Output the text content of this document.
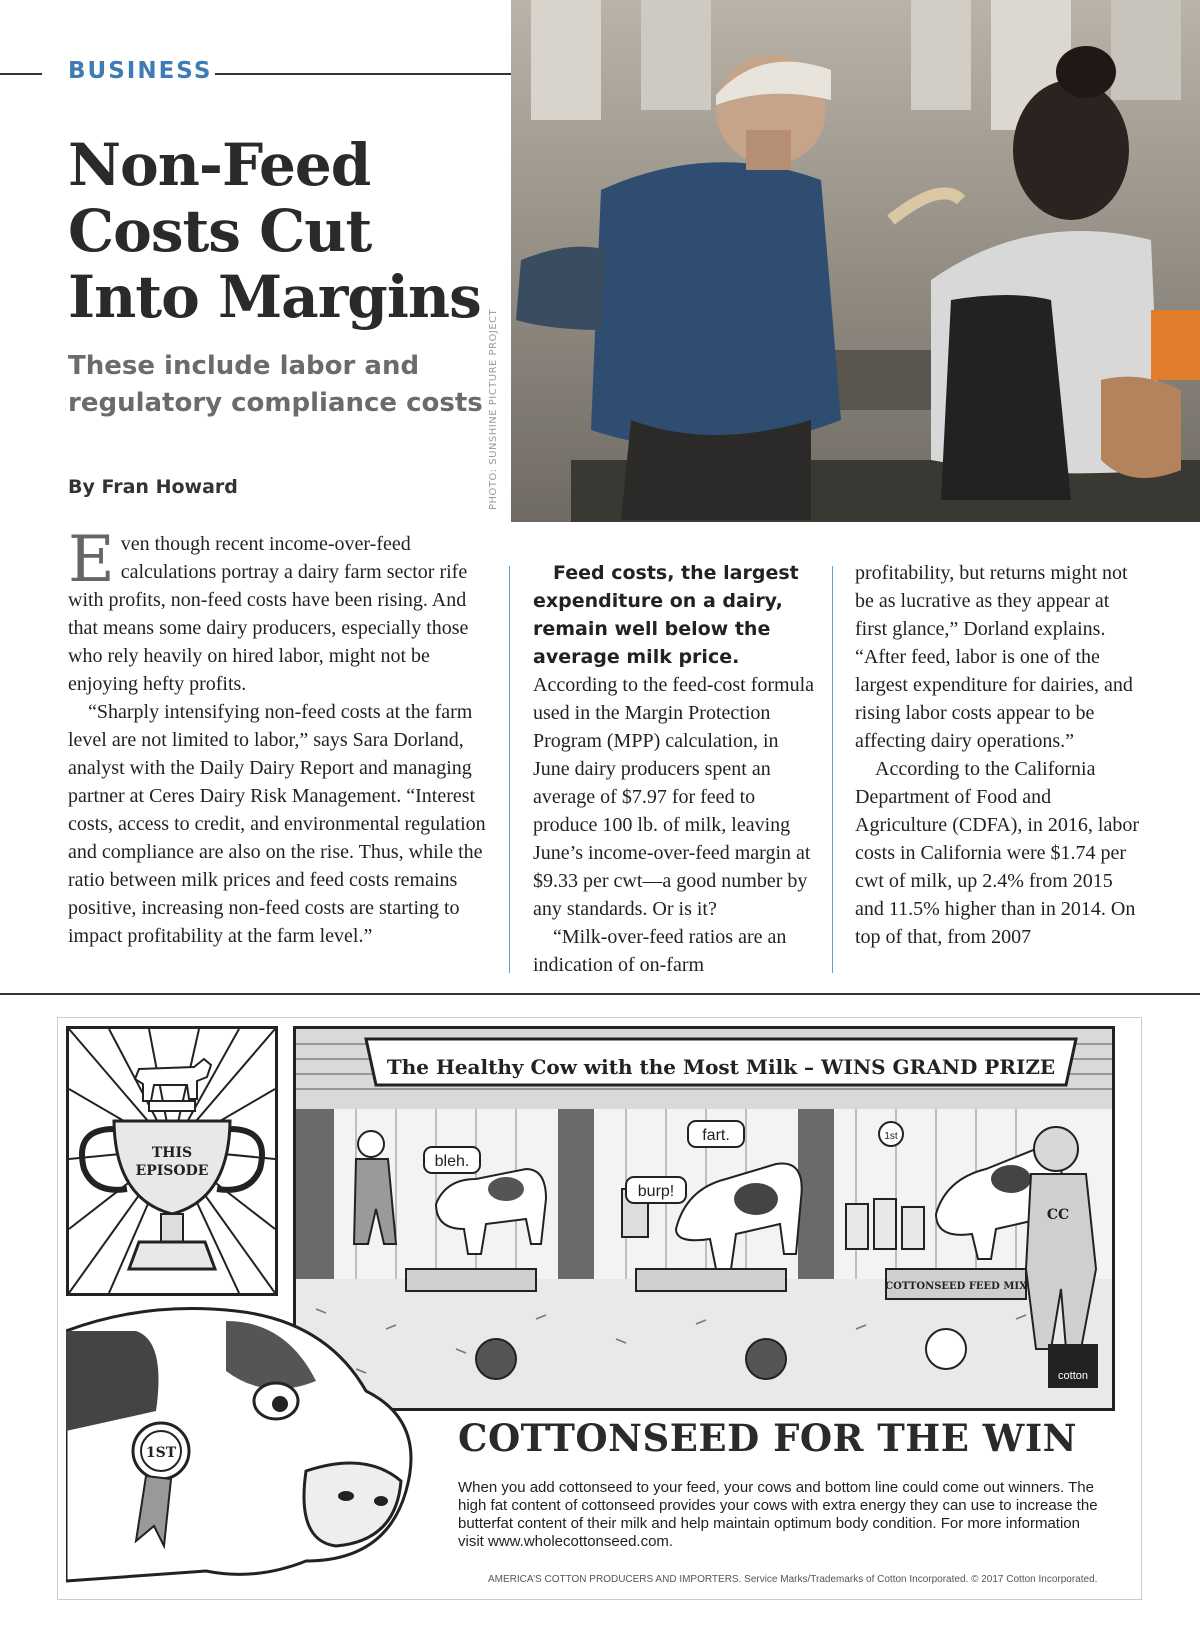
BUSINESS
Non-Feed
Costs Cut
Into Margins
These include labor and regulatory compliance costs
By Fran Howard	PHOTO: SUNSHINE PICTURE PROJECT

Even though recent income-over-feed calculations portray a dairy farm sector rife with profits, non-feed costs have been rising. And that means some dairy producers, especially those who rely heavily on hired labor, might not be enjoying hefty profits.

“Sharply intensifying non-feed costs at the farm level are not limited to labor,” says Sara Dorland, analyst with the Daily Dairy Report and managing partner at Ceres Dairy Risk Management. “Interest costs, access to credit, and environmental regulation and compliance are also on the rise. Thus, while the ratio between milk prices and feed costs remains positive, increasing non-feed costs are starting to impact profitability at the farm level.”

Feed costs, the largest expenditure on a dairy, remain well below the average milk price. According to the feed-cost formula used in the Margin Protection Program (MPP) calculation, in June dairy producers spent an average of $7.97 for feed to produce 100 lb. of milk, leaving June’s income-over-feed margin at $9.33 per cwt—a good number by any standards. Or is it?

“Milk-over-feed ratios are an indication of on-farm

profitability, but returns might not be as lucrative as they appear at first glance,” Dorland explains. “After feed, labor is one of the largest expenditure for dairies, and rising labor costs appear to be affecting dairy operations.”

According to the California Department of Food and Agriculture (CDFA), in 2016, labor costs in California were $1.74 per cwt of milk, up 2.4% from 2015 and 11.5% higher than in 2014. On top of that, from 2007

THIS
EPISODE
The Healthy Cow with the Most Milk – WINS GRAND PRIZE
bleh.
fart.
burp!
1st
COTTONSEED FEED MIX
CC
cotton
1ST	COTTONSEED FOR THE WIN
When you add cottonseed to your feed, your cows and bottom line could come out winners. The high fat content of cottonseed provides your cows with extra energy they can use to increase the butterfat content of their milk and help maintain optimum body condition. For more information visit www.wholecottonseed.com.
AMERICA’S COTTON PRODUCERS AND IMPORTERS. Service Marks/Trademarks of Cotton Incorporated. © 2017 Cotton Incorporated.
